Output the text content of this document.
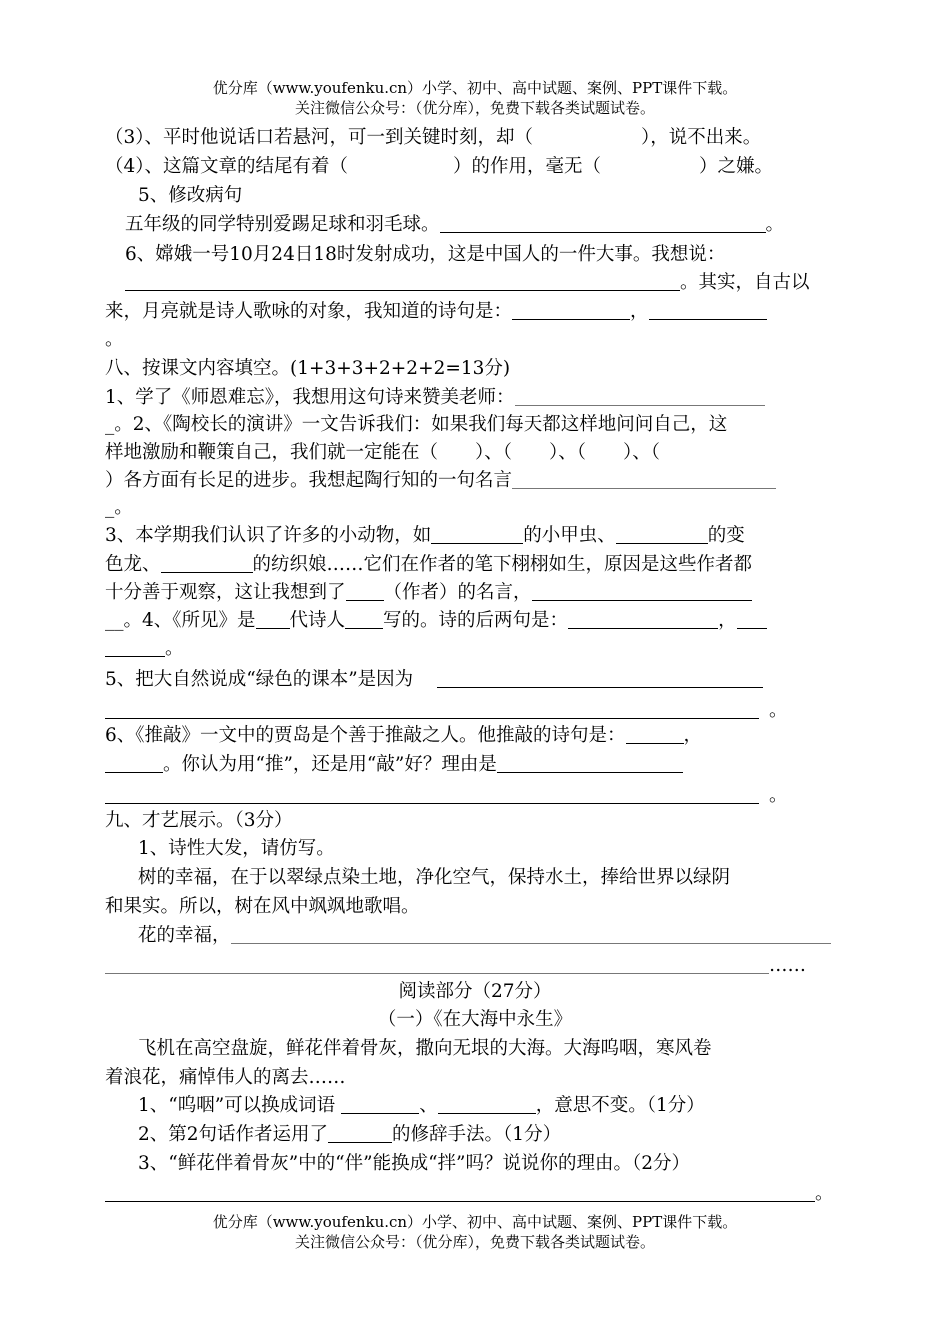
优分库（www.youfenku.cn）小学、初中、高中试题、案例、PPT课件下载。
关注微信公众号：（优分库），免费下载各类试题试卷。
（3）、平时他说话口若悬河，可一到关键时刻，却（	），说不出来。
（4）、这篇文章的结尾有着（	）的作用，毫无（	）之嫌。
5、修改病句
五年级的同学特别爱踢足球和羽毛球。	。
6、嫦娥一号10月24日18时发射成功，这是中国人的一件大事。我想说：
。其实，自古以
来，月亮就是诗人歌咏的对象，我知道的诗句是：	，
。
八、按课文内容填空。(1+3+3+2+2+2=13分)
1、学了《师恩难忘》，我想用这句诗来赞美老师：
_。2、《陶校长的演讲》一文告诉我们：如果我们每天都这样地问问自己，这
样地激励和鞭策自己，我们就一定能在（　　）、（　　）、（　　）、（
）各方面有长足的进步。我想起陶行知的一句名言
_。
3、本学期我们认识了许多的小动物，如	的小甲虫、	的变
色龙、	的纺织娘……它们在作者的笔下栩栩如生，原因是这些作者都
十分善于观察，这让我想到了 （作者）的名言，
__。4、《所见》是 代诗人 写的。诗的后两句是：	，
。
5、把大自然说成“绿色的课本”是因为
。
6、《推敲》一文中的贾岛是个善于推敲之人。他推敲的诗句是：	，
。你认为用“推”，还是用“敲”好？理由是
。
九、才艺展示。（3分）
1、诗性大发，请仿写。
树的幸福，在于以翠绿点染土地，净化空气，保持水土，捧给世界以绿阴
和果实。所以，树在风中飒飒地歌唱。
花的幸福，
……
阅读部分（27分）
（一）《在大海中永生》
飞机在高空盘旋，鲜花伴着骨灰，撒向无垠的大海。大海呜咽，寒风卷
着浪花，痛悼伟人的离去……
1、“呜咽”可以换成词语	、	，意思不变。（1分）
2、第2句话作者运用了	的修辞手法。（1分）
3、“鲜花伴着骨灰”中的“伴”能换成“拌”吗？说说你的理由。（2分）
。
优分库（www.youfenku.cn）小学、初中、高中试题、案例、PPT课件下载。
关注微信公众号：（优分库），免费下载各类试题试卷。
